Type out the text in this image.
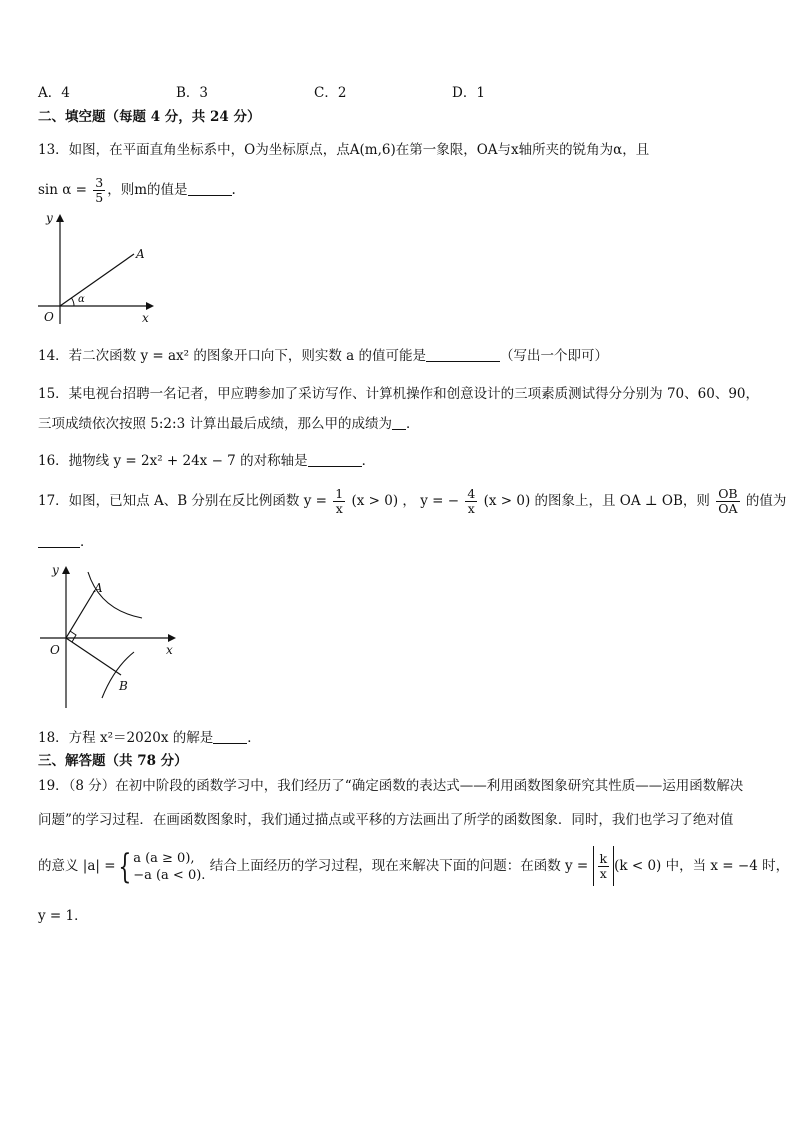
A．4	B．3	C．2	D．1
二、填空题（每题 4 分，共 24 分）
13．如图，在平面直角坐标系中，O为坐标原点，点A(m,6)在第一象限，OA与x轴所夹的锐角为α，且
$\sin \alpha = \frac{3}{5}$ ，则m的值是	.
y
x
O
A
α
14．若二次函数 y = ax² 的图象开口向下，则实数 a 的值可能是	（写出一个即可）
15．某电视台招聘一名记者，甲应聘参加了采访写作、计算机操作和创意设计的三项素质测试得分分别为 70、60、90，
三项成绩依次按照 5:2:3 计算出最后成绩，那么甲的成绩为 ．
16．抛物线 y = 2x² + 24x − 7 的对称轴是	．
17．如图，已知点 A、B 分别在反比例函数 $y = \frac{1}{x} (x > 0)$ ， y = − $\frac{4}{x} (x > 0)$ 的图象上，且 OA ⊥ OB，则 $\frac{OB}{OA}$ 的值为
．
y
x
O
A
B
18．方程 x²＝2020x 的解是	．
三、解答题（共 78 分）
19．（8 分）在初中阶段的函数学习中，我们经历了“确定函数的表达式——利用函数图象研究其性质——运用函数解决
问题”的学习过程．在画函数图象时，我们通过描点或平移的方法画出了所学的函数图象．同时，我们也学习了绝对值
的意义 |a| ={ a (a ≥ 0),
−a (a < 0).
结合上面经历的学习过程，现在来解决下面的问题：在函数 $y = \frac{k}{x} (k < 0)$ 中，当 x = −4 时，
y = 1．
